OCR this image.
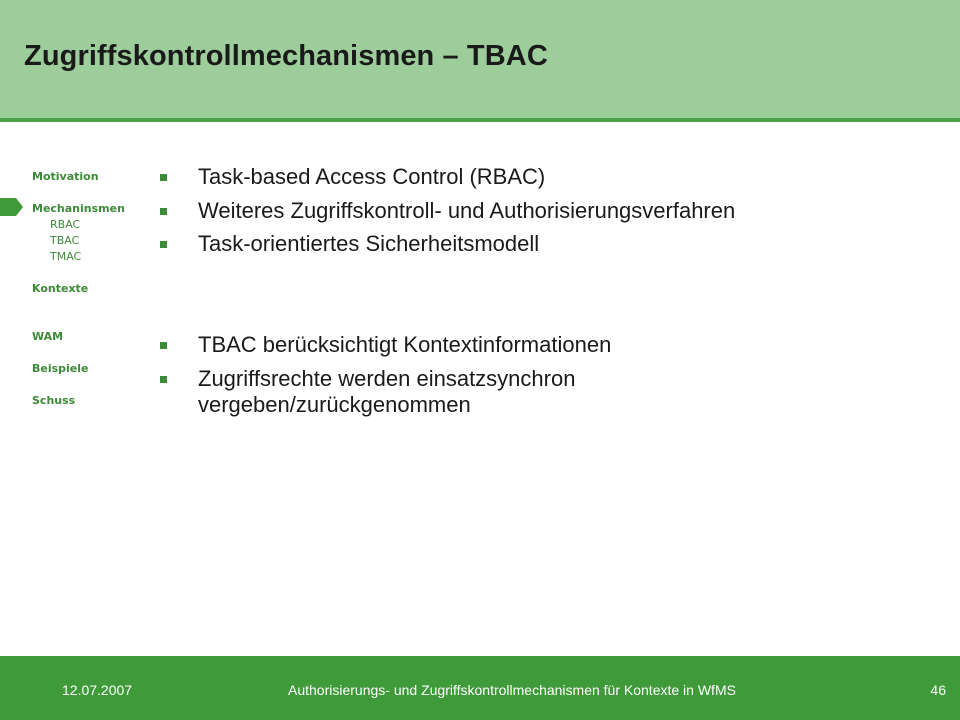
Zugriffskontrollmechanismen – TBAC
Motivation
Mechaninsmen
RBAC
TBAC
TMAC
Kontexte
WAM
Beispiele
Schuss
Task-based Access Control (RBAC)
Weiteres Zugriffskontroll- und Authorisierungsverfahren
Task-orientiertes Sicherheitsmodell
TBAC berücksichtigt Kontextinformationen
Zugriffsrechte werden einsatzsynchron vergeben/zurückgenommen
12.07.2007	Authorisierungs- und Zugriffskontrollmechanismen für Kontexte in WfMS	46
